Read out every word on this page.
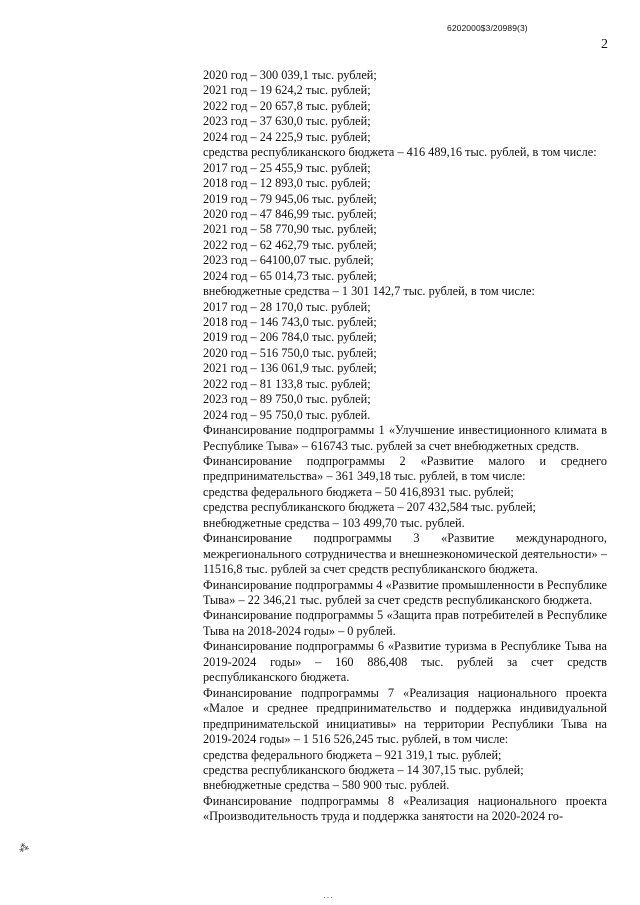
6202000$3/20989(3)
2
2020 год – 300 039,1 тыс. рублей;
2021 год – 19 624,2 тыс. рублей;
2022 год – 20 657,8 тыс. рублей;
2023 год – 37 630,0 тыс. рублей;
2024 год – 24 225,9 тыс. рублей;
средства республиканского бюджета – 416 489,16 тыс. рублей, в том числе:
2017 год – 25 455,9 тыс. рублей;
2018 год – 12 893,0 тыс. рублей;
2019 год – 79 945,06 тыс. рублей;
2020 год – 47 846,99 тыс. рублей;
2021 год – 58 770,90 тыс. рублей;
2022 год – 62 462,79 тыс. рублей;
2023 год – 64100,07 тыс. рублей;
2024 год – 65 014,73 тыс. рублей;
внебюджетные средства – 1 301 142,7 тыс. рублей, в том числе:
2017 год – 28 170,0 тыс. рублей;
2018 год – 146 743,0 тыс. рублей;
2019 год – 206 784,0 тыс. рублей;
2020 год – 516 750,0 тыс. рублей;
2021 год – 136 061,9 тыс. рублей;
2022 год – 81 133,8 тыс. рублей;
2023 год – 89 750,0 тыс. рублей;
2024 год – 95 750,0 тыс. рублей.
Финансирование подпрограммы 1 «Улучшение инвестиционного климата в Республике Тыва» – 616743 тыс. рублей за счет внебюджетных средств.
Финансирование подпрограммы 2 «Развитие малого и среднего предпринимательства» – 361 349,18 тыс. рублей, в том числе:
средства федерального бюджета – 50 416,8931 тыс. рублей;
средства республиканского бюджета – 207 432,584 тыс. рублей;
внебюджетные средства – 103 499,70 тыс. рублей.
Финансирование подпрограммы 3 «Развитие международного, межрегионального сотрудничества и внешнеэкономической деятельности» – 11516,8 тыс. рублей за счет средств республиканского бюджета.
Финансирование подпрограммы 4 «Развитие промышленности в Республике Тыва» – 22 346,21 тыс. рублей за счет средств республиканского бюджета.
Финансирование подпрограммы 5 «Защита прав потребителей в Республике Тыва на 2018-2024 годы» – 0 рублей.
Финансирование подпрограммы 6 «Развитие туризма в Республике Тыва на 2019-2024 годы» – 160 886,408 тыс. рублей за счет средств республиканского бюджета.
Финансирование подпрограммы 7 «Реализация национального проекта «Малое и среднее предпринимательство и поддержка индивидуальной предпринимательской инициативы» на территории Республики Тыва на 2019-2024 годы» – 1 516 526,245 тыс. рублей, в том числе:
средства федерального бюджета – 921 319,1 тыс. рублей;
средства республиканского бюджета – 14 307,15 тыс. рублей;
внебюджетные средства – 580 900 тыс. рублей.
Финансирование подпрограммы 8 «Реализация национального проекта «Производительность труда и поддержка занятости на 2020-2024 го-
⁂
···
